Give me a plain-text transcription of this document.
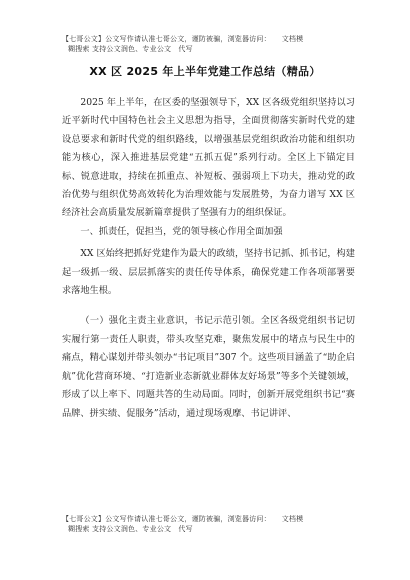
【七哥公文】公文写作请认准七哥公文，谨防被骗，浏览器访问：　　文档模
糊搜索 支持公文润色、专业公文　代写
XX 区 2025 年上半年党建工作总结（精品）

2025 年上半年，在区委的坚强领导下，XX 区各级党组织坚持以习近平新时代中国特色社会主义思想为指导，全面贯彻落实新时代党的建设总要求和新时代党的组织路线，以增强基层党组织政治功能和组织功能为核心，深入推进基层党建“五抓五促”系列行动。全区上下锚定目标、锐意进取，持续在抓重点、补短板、强弱项上下功夫，推动党的政治优势与组织优势高效转化为治理效能与发展胜势，为奋力谱写 XX 区经济社会高质量发展新篇章提供了坚强有力的组织保证。

一、抓责任，促担当，党的领导核心作用全面加强

XX 区始终把抓好党建作为最大的政绩，坚持书记抓、抓书记，构建起一级抓一级、层层抓落实的责任传导体系，确保党建工作各项部署要求落地生根。

（一）强化主责主业意识，书记示范引领。全区各级党组织书记切实履行第一责任人职责，带头攻坚克难，聚焦发展中的堵点与民生中的痛点，精心谋划并带头领办“书记项目”307 个。这些项目涵盖了“助企启航”优化营商环境、“打造新业态新就业群体友好场景”等多个关键领域，形成了以上率下、同题共答的生动局面。同时，创新开展党组织书记“赛品牌、拼实绩、促服务”活动，通过现场观摩、书记讲评、

【七哥公文】公文写作请认准七哥公文，谨防被骗，浏览器访问：　　文档模
糊搜索 支持公文润色、专业公文　代写
